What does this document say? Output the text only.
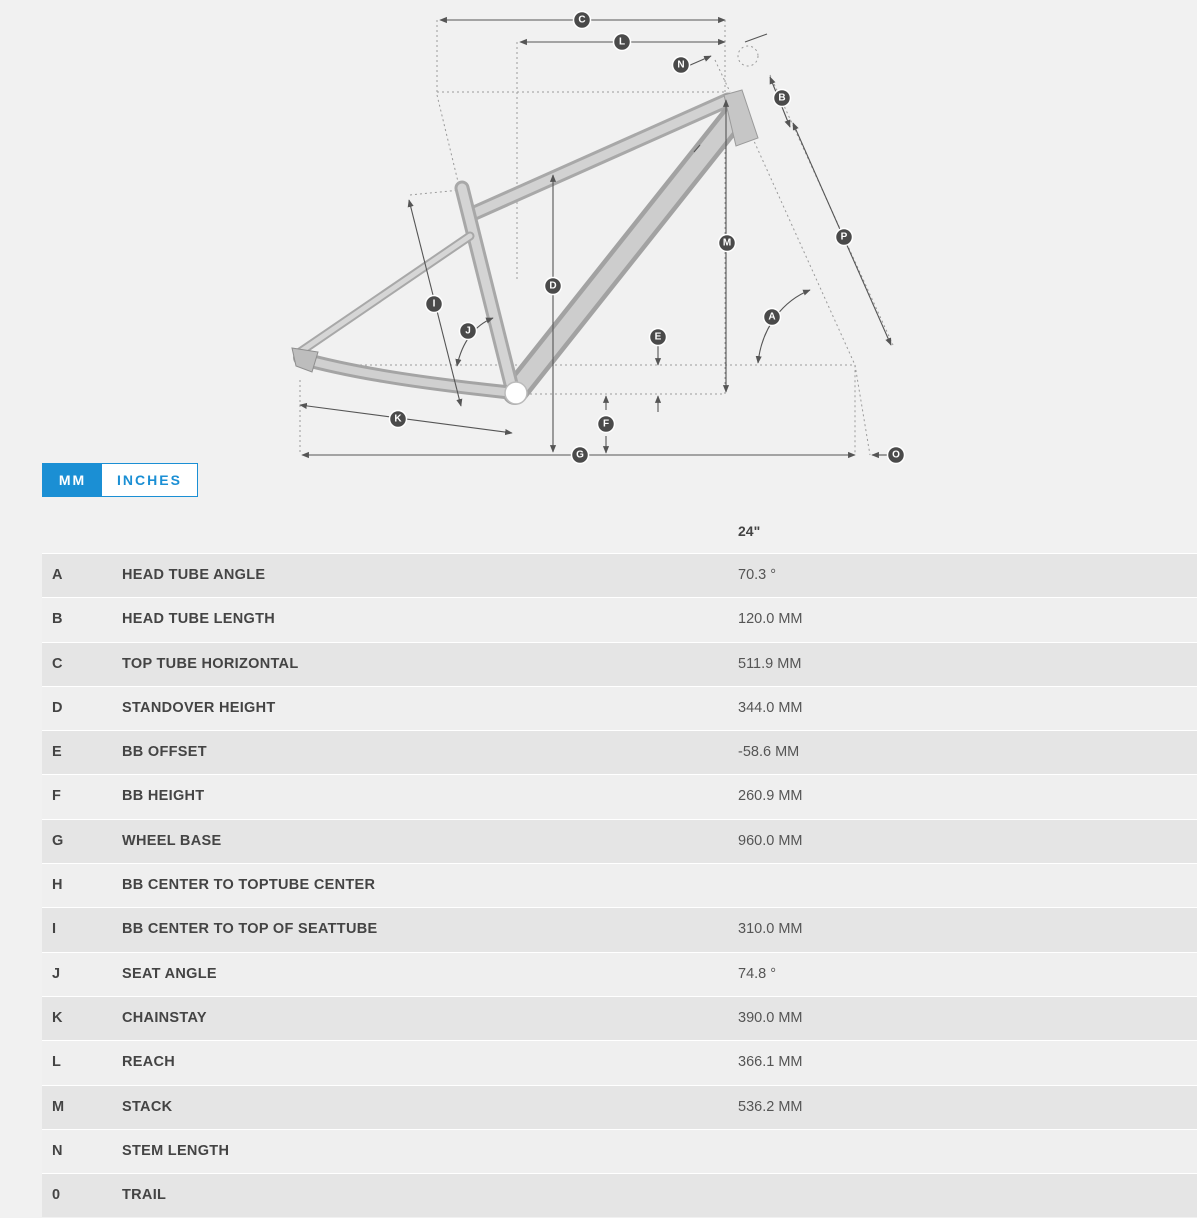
C
L
N
B
P
M
D
I
J
A
E
K	F
G	O
MM	INCHES
24"
A	HEAD TUBE ANGLE	70.3 °
B	HEAD TUBE LENGTH	120.0 MM
C	TOP TUBE HORIZONTAL	511.9 MM
D	STANDOVER HEIGHT	344.0 MM
E	BB OFFSET	-58.6 MM
F	BB HEIGHT	260.9 MM
G	WHEEL BASE	960.0 MM
H	BB CENTER TO TOPTUBE CENTER
I	BB CENTER TO TOP OF SEATTUBE	310.0 MM
J	SEAT ANGLE	74.8 °
K	CHAINSTAY	390.0 MM
L	REACH	366.1 MM
M	STACK	536.2 MM
N	STEM LENGTH
0	TRAIL
